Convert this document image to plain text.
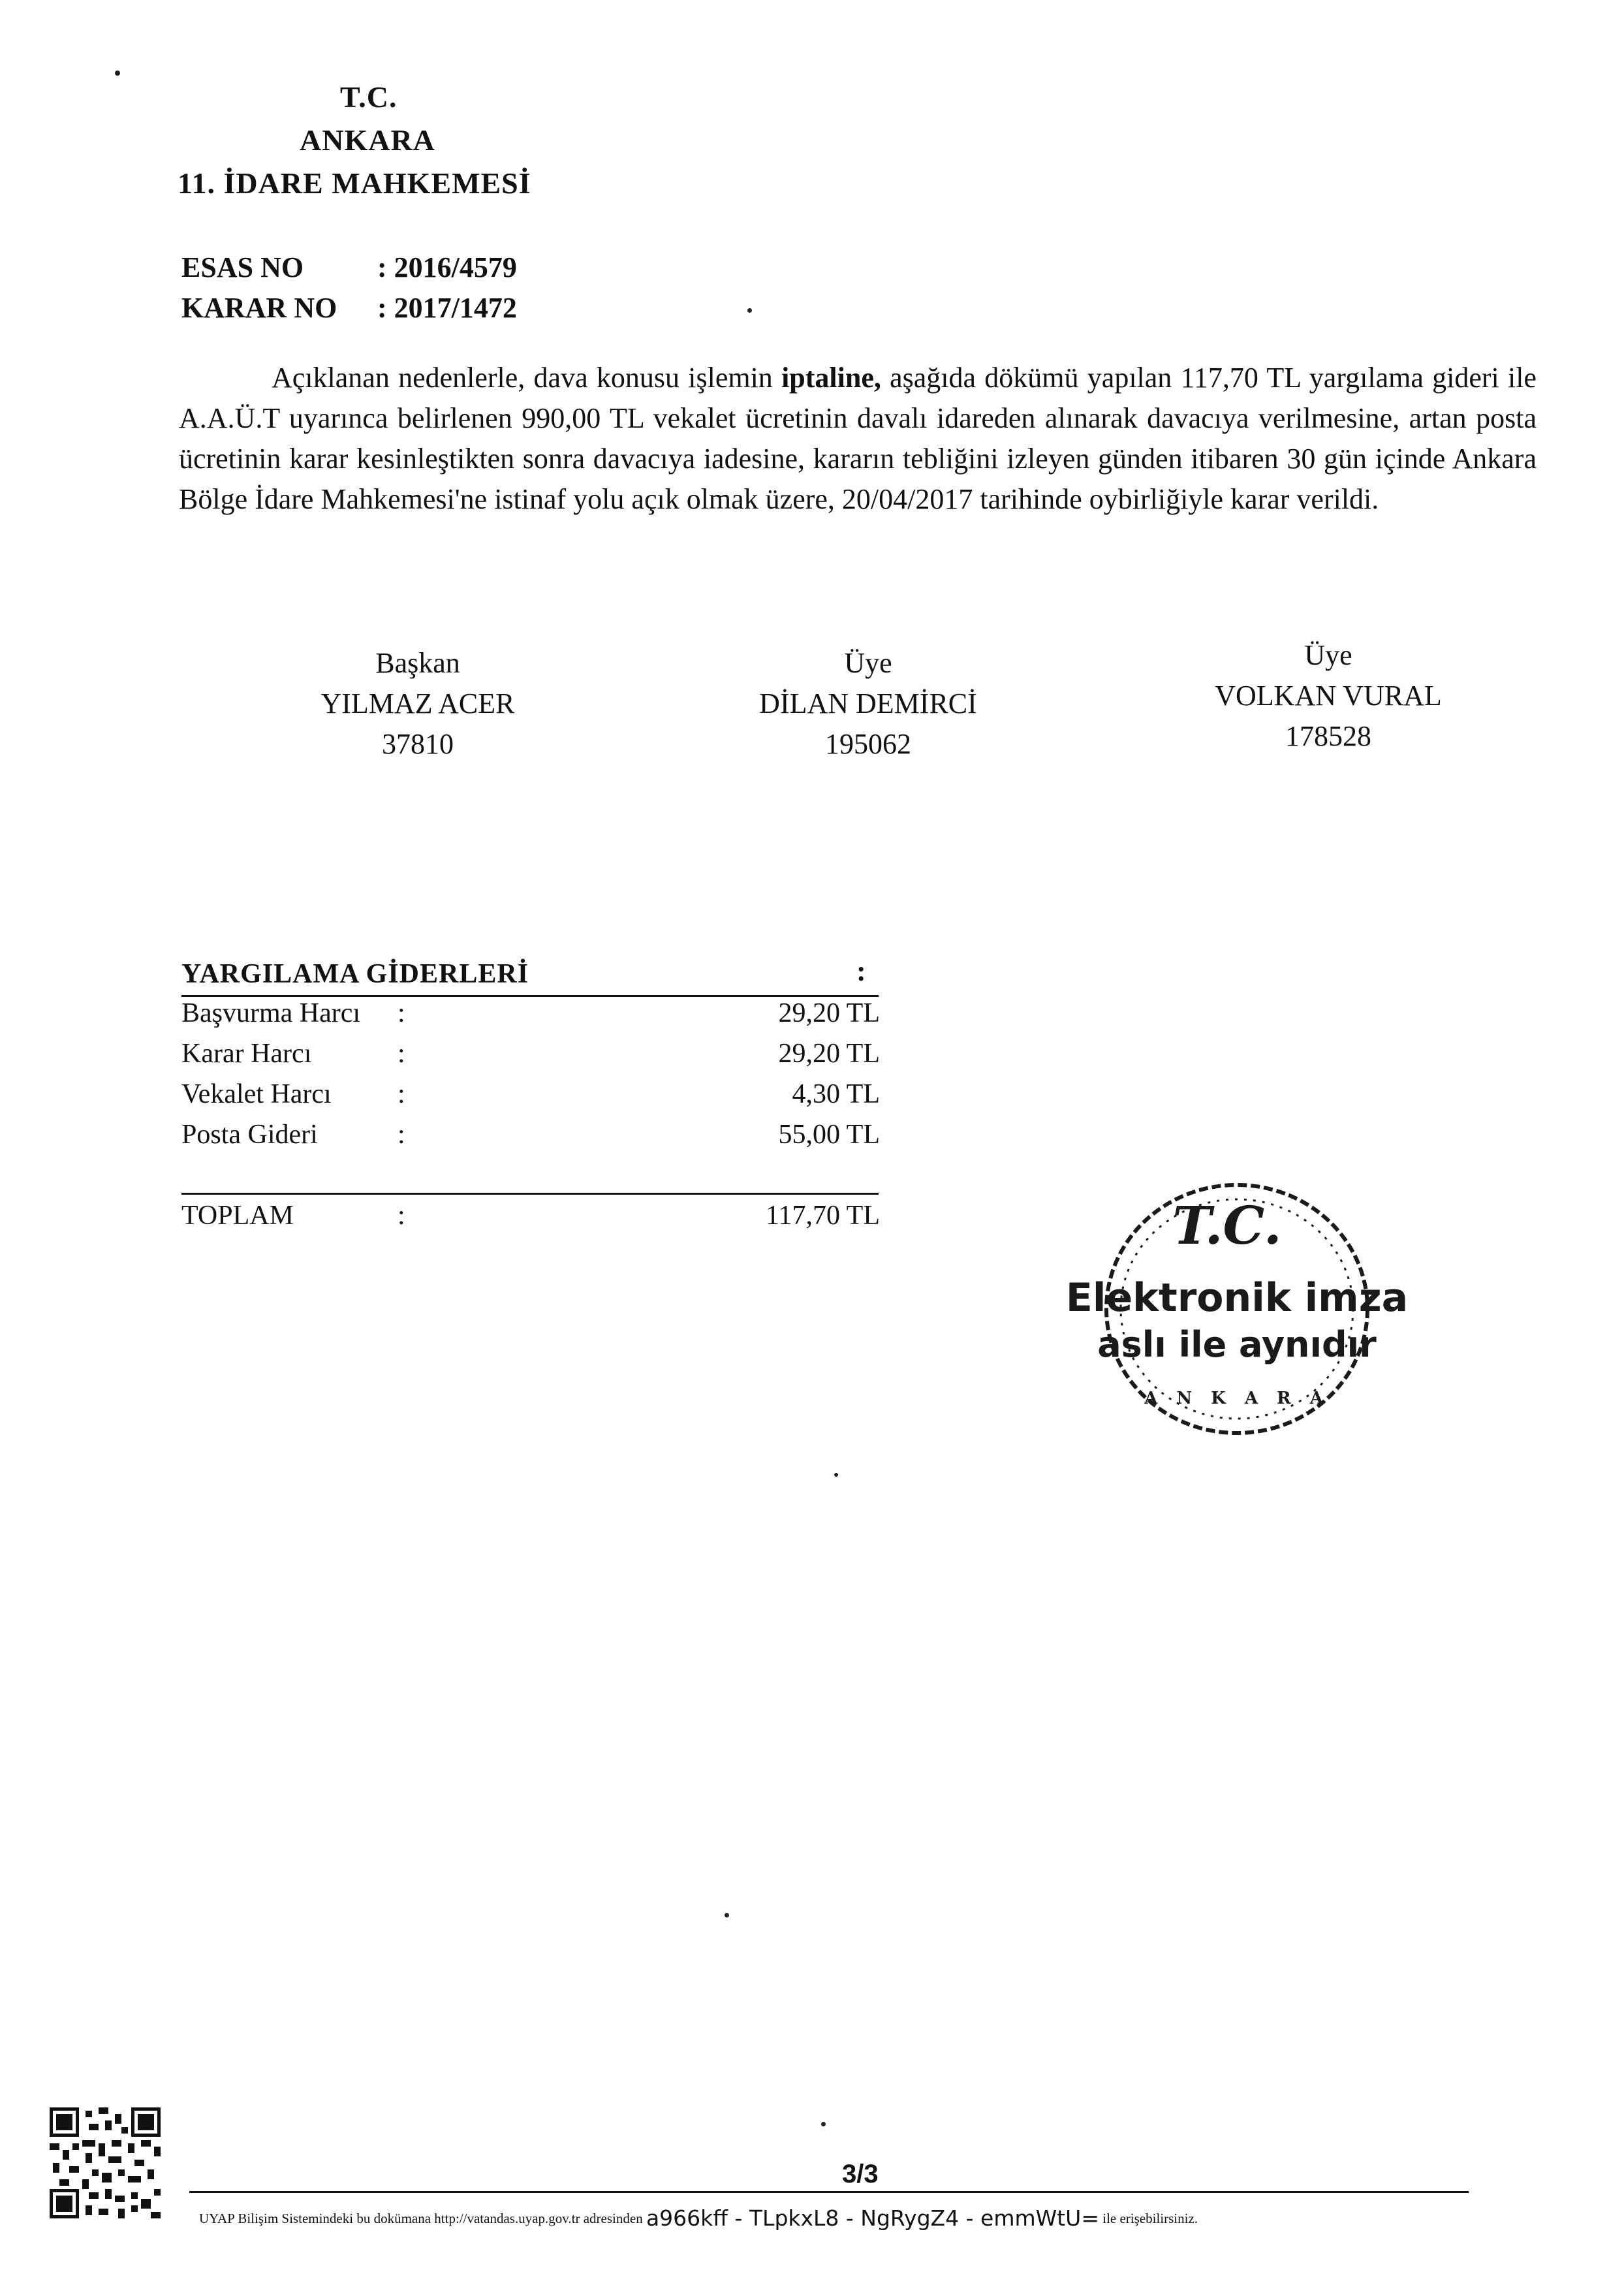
T.C.
ANKARA
11. İDARE MAHKEMESİ
ESAS NO	: 2016/4579
KARAR NO : 2017/1472

Açıklanan nedenlerle, dava konusu işlemin iptaline, aşağıda dökümü yapılan 117,70 TL yargılama gideri ile A.A.Ü.T uyarınca belirlenen 990,00 TL vekalet ücretinin davalı idareden alınarak davacıya verilmesine, artan posta ücretinin karar kesinleştikten sonra davacıya iadesine, kararın tebliğini izleyen günden itibaren 30 gün içinde Ankara Bölge İdare Mahkemesi'ne istinaf yolu açık olmak üzere, 20/04/2017 tarihinde oybirliğiyle karar verildi.

Başkan
YILMAZ ACER
37810
Üye
DİLAN DEMİRCİ
195062
Üye
VOLKAN VURAL
178528
YARGILAMA GİDERLERİ	:
Başvurma Harcı :	29,20 TL
Karar Harcı	:	29,20 TL
Vekalet Harcı :	4,30 TL
Posta Gideri	:	55,00 TL
TOPLAM	:	117,70 TL	T.C.
Elektronik imza
aslı ile aynıdır
A N K A R A
3/3
UYAP Bilişim Sistemindeki bu dokümana http://vatandas.uyap.gov.tr adresinden a966kff - TLpkxL8 - NgRygZ4 - emmWtU= ile erişebilirsiniz.
